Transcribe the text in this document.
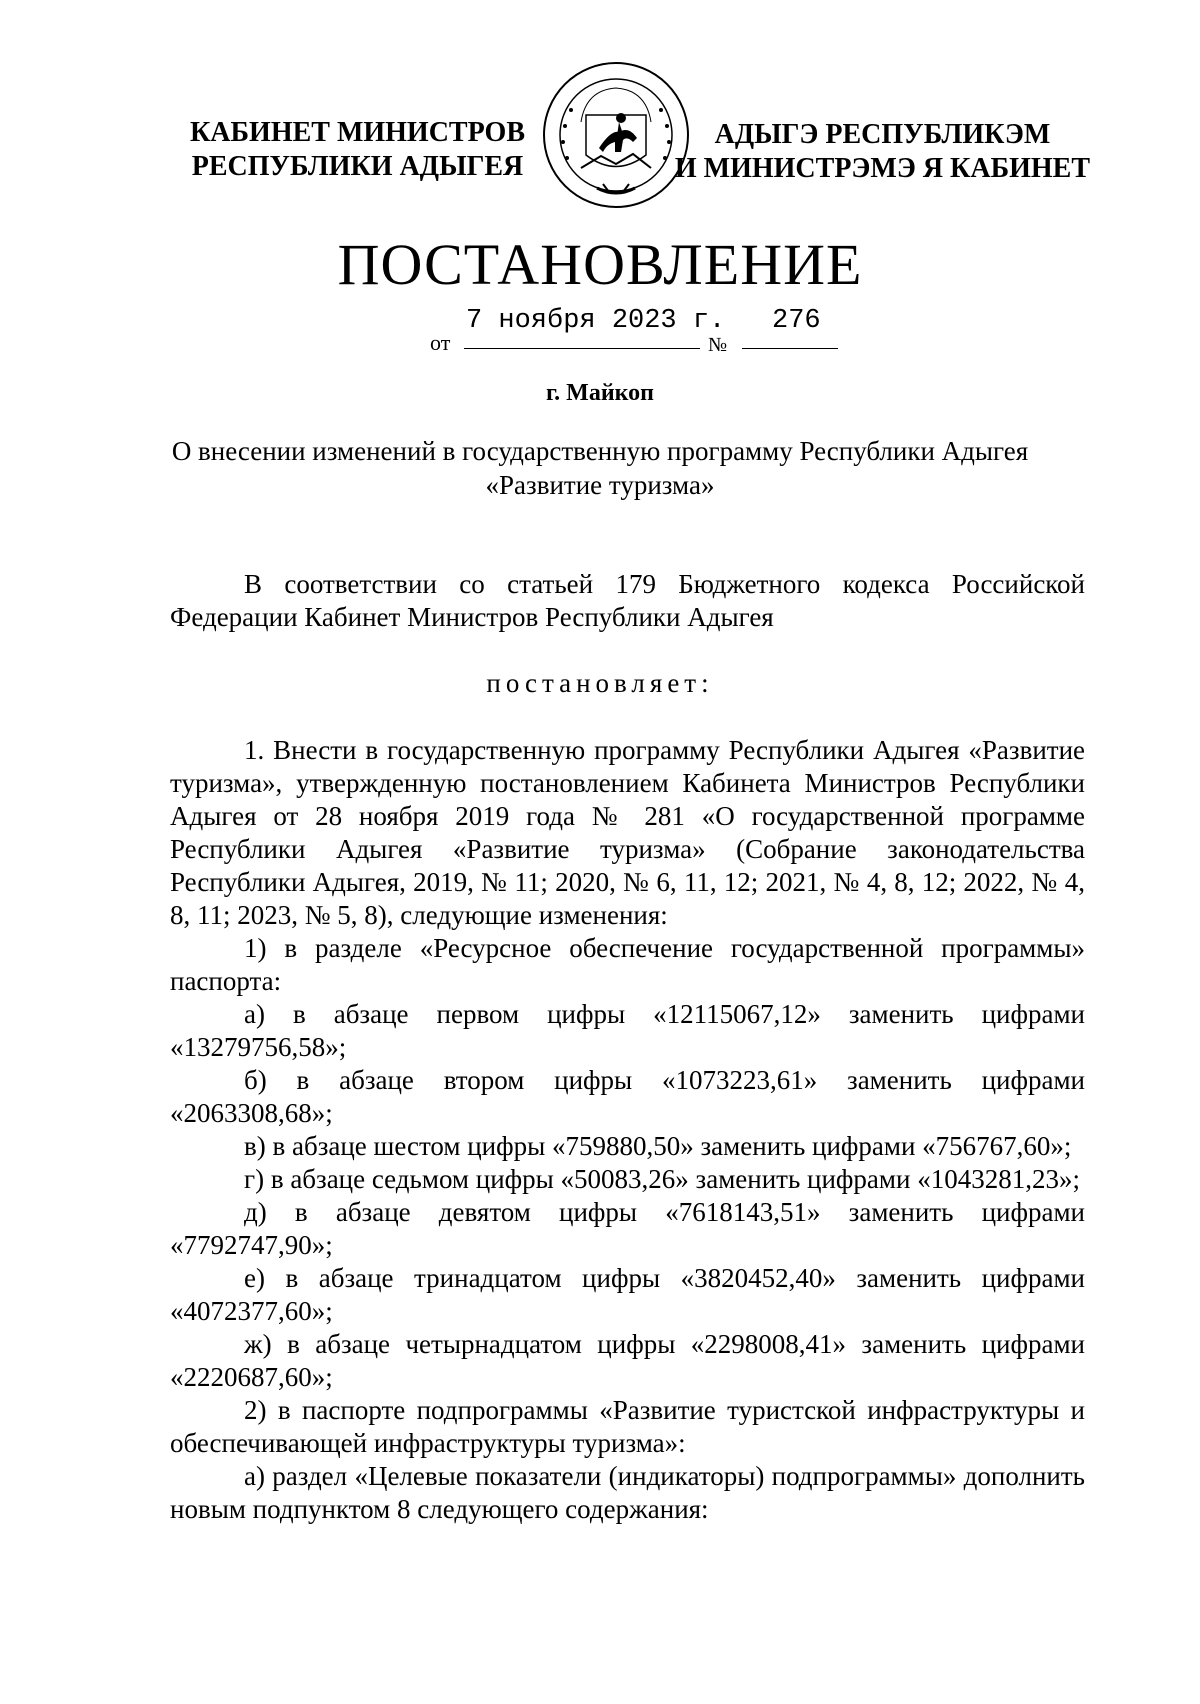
КАБИНЕТ МИНИСТРОВ
РЕСПУБЛИКИ АДЫГЕЯ
АДЫГЭ РЕСПУБЛИКЭМ
И МИНИСТРЭМЭ Я КАБИНЕТ
ПОСТАНОВЛЕНИЕ
от
7 ноября 2023 г.
№
276
г. Майкоп
О внесении изменений в государственную программу Республики Адыгея
«Развитие туризма»

В соответствии со статьей 179 Бюджетного кодекса Российской Федерации Кабинет Министров Республики Адыгея

постановляет:

1. Внести в государственную программу Республики Адыгея «Развитие туризма», утвержденную постановлением Кабинета Министров Республики Адыгея от 28 ноября 2019 года № 281 «О государственной программе Республики Адыгея «Развитие туризма» (Собрание законодательства Республики Адыгея, 2019, № 11; 2020, № 6, 11, 12; 2021, № 4, 8, 12; 2022, № 4, 8, 11; 2023, № 5, 8), следующие изменения:

1) в разделе «Ресурсное обеспечение государственной программы» паспорта:

а) в абзаце первом цифры «12115067,12» заменить цифрами «13279756,58»;

б) в абзаце втором цифры «1073223,61» заменить цифрами «2063308,68»;

в) в абзаце шестом цифры «759880,50» заменить цифрами «756767,60»;

г) в абзаце седьмом цифры «50083,26» заменить цифрами «1043281,23»;

д) в абзаце девятом цифры «7618143,51» заменить цифрами «7792747,90»;

е) в абзаце тринадцатом цифры «3820452,40» заменить цифрами «4072377,60»;

ж) в абзаце четырнадцатом цифры «2298008,41» заменить цифрами «2220687,60»;

2) в паспорте подпрограммы «Развитие туристской инфраструктуры и обеспечивающей инфраструктуры туризма»:

а) раздел «Целевые показатели (индикаторы) подпрограммы» дополнить новым подпунктом 8 следующего содержания:
